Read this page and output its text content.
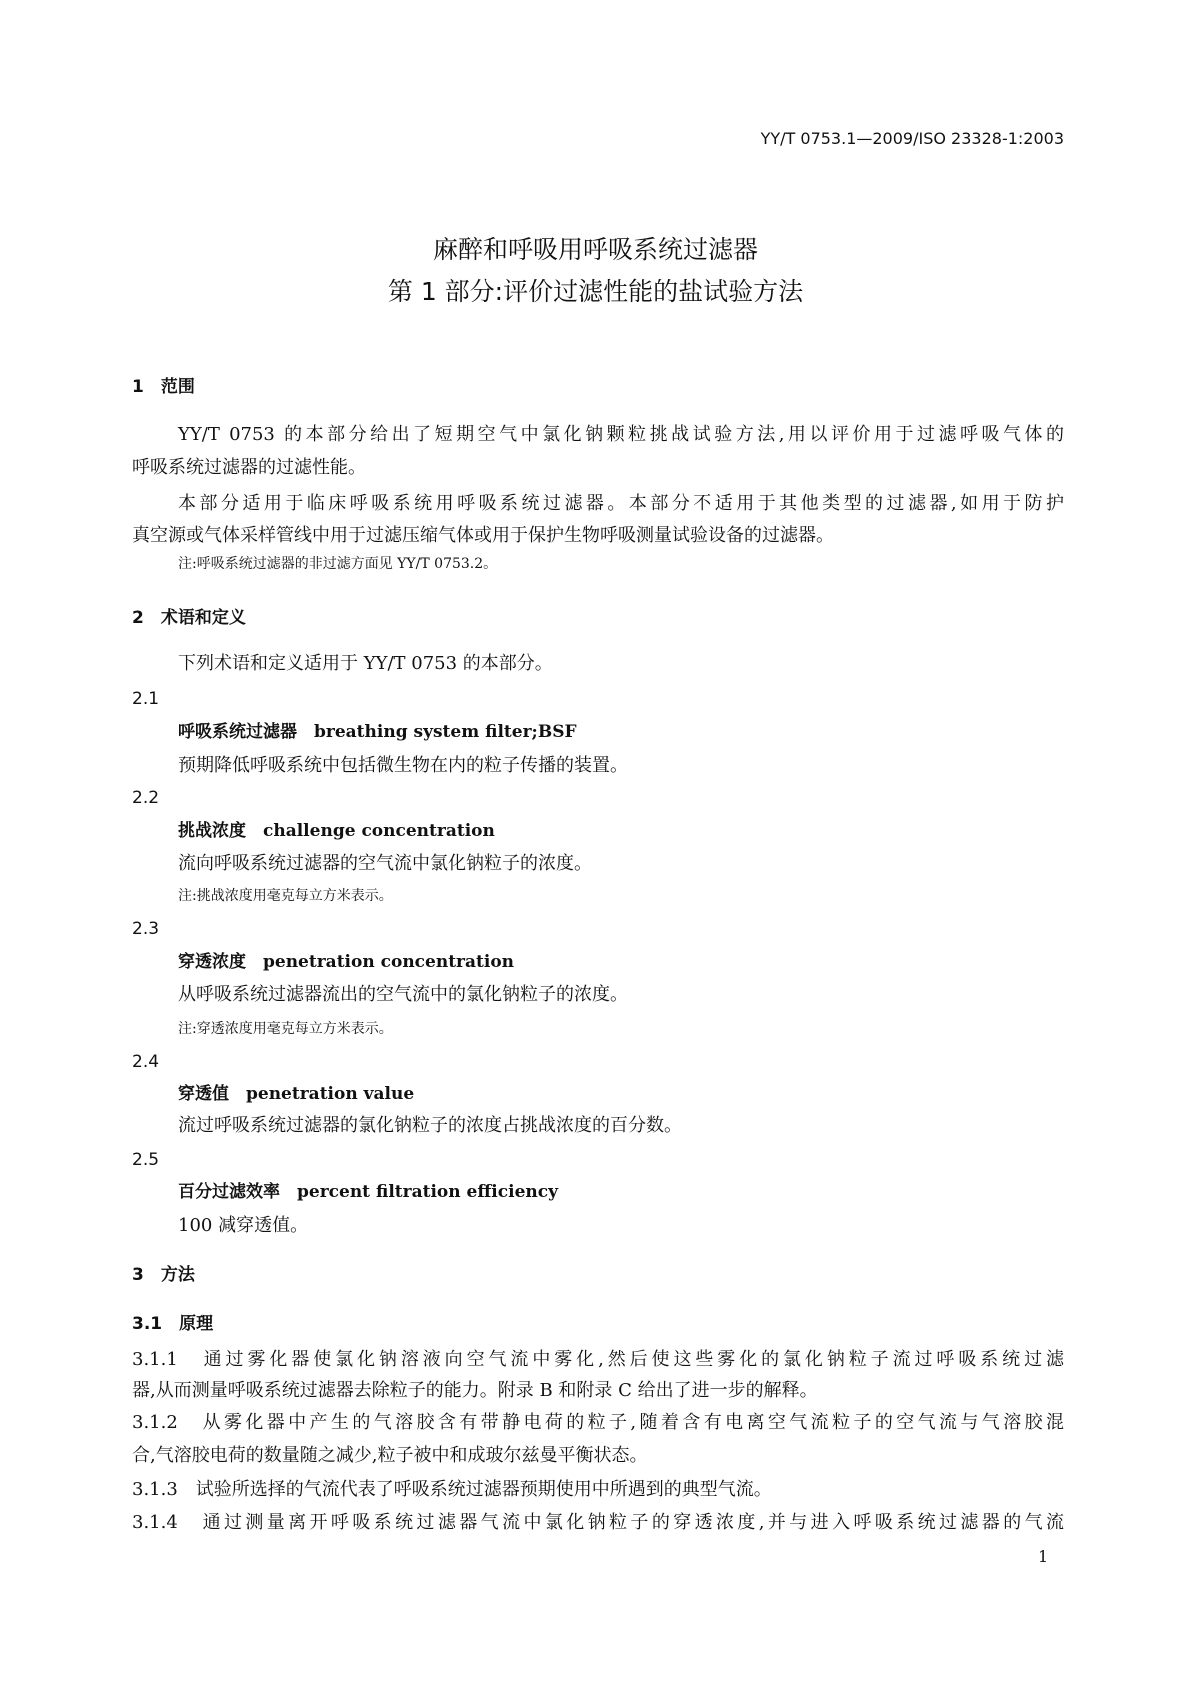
YY/T 0753.1—2009/ISO 23328-1:2003
麻醉和呼吸用呼吸系统过滤器
第 1 部分:评价过滤性能的盐试验方法
1　范围
YY/T 0753 的本部分给出了短期空气中氯化钠颗粒挑战试验方法,用以评价用于过滤呼吸气体的
呼吸系统过滤器的过滤性能。
本部分适用于临床呼吸系统用呼吸系统过滤器。本部分不适用于其他类型的过滤器,如用于防护
真空源或气体采样管线中用于过滤压缩气体或用于保护生物呼吸测量试验设备的过滤器。
注:呼吸系统过滤器的非过滤方面见 YY/T 0753.2。
2　术语和定义
下列术语和定义适用于 YY/T 0753 的本部分。
2.1
呼吸系统过滤器　breathing system filter;BSF
预期降低呼吸系统中包括微生物在内的粒子传播的装置。
2.2
挑战浓度　challenge concentration
流向呼吸系统过滤器的空气流中氯化钠粒子的浓度。
注:挑战浓度用毫克每立方米表示。
2.3
穿透浓度　penetration concentration
从呼吸系统过滤器流出的空气流中的氯化钠粒子的浓度。
注:穿透浓度用毫克每立方米表示。
2.4
穿透值　penetration value
流过呼吸系统过滤器的氯化钠粒子的浓度占挑战浓度的百分数。
2.5
百分过滤效率　percent filtration efficiency
100 减穿透值。
3　方法
3.1　原理
3.1.1　通过雾化器使氯化钠溶液向空气流中雾化,然后使这些雾化的氯化钠粒子流过呼吸系统过滤
器,从而测量呼吸系统过滤器去除粒子的能力。附录 B 和附录 C 给出了进一步的解释。
3.1.2　从雾化器中产生的气溶胶含有带静电荷的粒子,随着含有电离空气流粒子的空气流与气溶胶混
合,气溶胶电荷的数量随之减少,粒子被中和成玻尔兹曼平衡状态。
3.1.3　试验所选择的气流代表了呼吸系统过滤器预期使用中所遇到的典型气流。
3.1.4　通过测量离开呼吸系统过滤器气流中氯化钠粒子的穿透浓度,并与进入呼吸系统过滤器的气流
1
